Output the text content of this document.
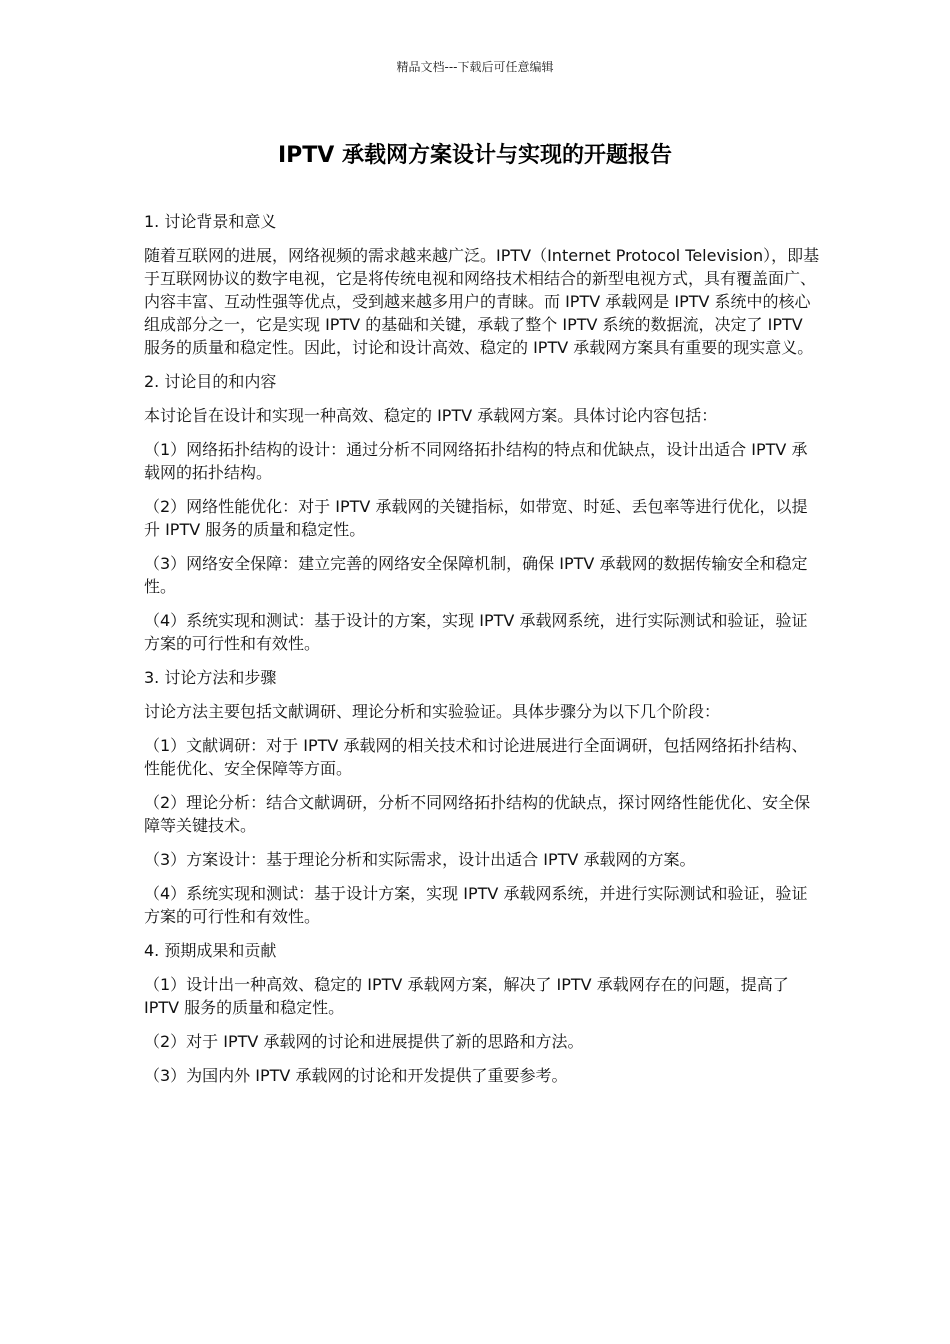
精品文档---下载后可任意编辑
IPTV 承载网方案设计与实现的开题报告

1. 讨论背景和意义

随着互联网的进展，网络视频的需求越来越广泛。IPTV（Internet Protocol Television），即基于互联网协议的数字电视，它是将传统电视和网络技术相结合的新型电视方式，具有覆盖面广、内容丰富、互动性强等优点，受到越来越多用户的青睐。而 IPTV 承载网是 IPTV 系统中的核心组成部分之一，它是实现 IPTV 的基础和关键，承载了整个 IPTV 系统的数据流，决定了 IPTV 服务的质量和稳定性。因此，讨论和设计高效、稳定的 IPTV 承载网方案具有重要的现实意义。

2. 讨论目的和内容

本讨论旨在设计和实现一种高效、稳定的 IPTV 承载网方案。具体讨论内容包括：

（1）网络拓扑结构的设计：通过分析不同网络拓扑结构的特点和优缺点，设计出适合 IPTV 承载网的拓扑结构。

（2）网络性能优化：对于 IPTV 承载网的关键指标，如带宽、时延、丢包率等进行优化，以提升 IPTV 服务的质量和稳定性。

（3）网络安全保障：建立完善的网络安全保障机制，确保 IPTV 承载网的数据传输安全和稳定性。

（4）系统实现和测试：基于设计的方案，实现 IPTV 承载网系统，进行实际测试和验证，验证方案的可行性和有效性。

3. 讨论方法和步骤

讨论方法主要包括文献调研、理论分析和实验验证。具体步骤分为以下几个阶段：

（1）文献调研：对于 IPTV 承载网的相关技术和讨论进展进行全面调研，包括网络拓扑结构、性能优化、安全保障等方面。

（2）理论分析：结合文献调研，分析不同网络拓扑结构的优缺点，探讨网络性能优化、安全保障等关键技术。

（3）方案设计：基于理论分析和实际需求，设计出适合 IPTV 承载网的方案。

（4）系统实现和测试：基于设计方案，实现 IPTV 承载网系统，并进行实际测试和验证，验证方案的可行性和有效性。

4. 预期成果和贡献

（1）设计出一种高效、稳定的 IPTV 承载网方案，解决了 IPTV 承载网存在的问题，提高了 IPTV 服务的质量和稳定性。

（2）对于 IPTV 承载网的讨论和进展提供了新的思路和方法。

（3）为国内外 IPTV 承载网的讨论和开发提供了重要参考。
